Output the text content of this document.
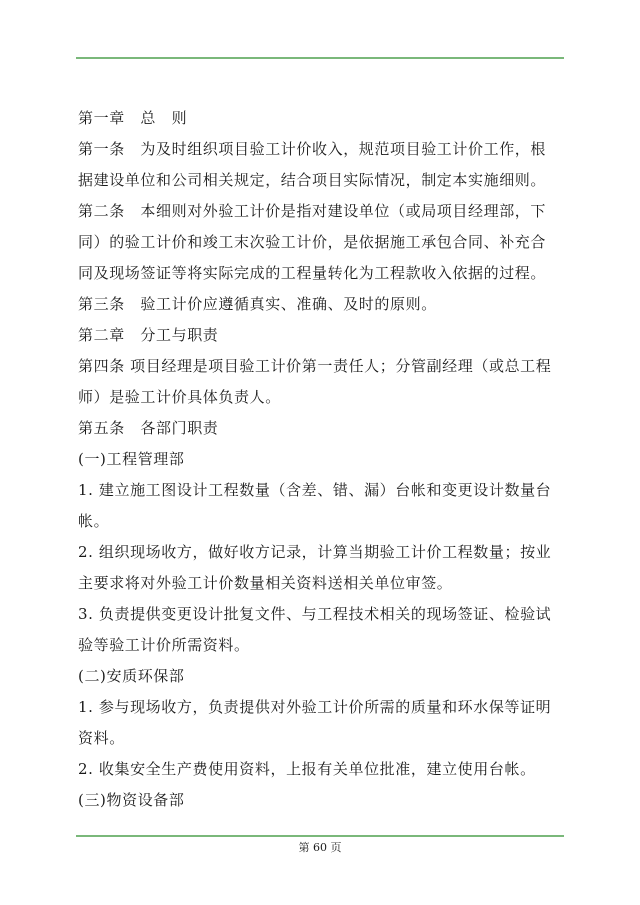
第一章　总　则

第一条　为及时组织项目验工计价收入，规范项目验工计价工作，根

据建设单位和公司相关规定，结合项目实际情况，制定本实施细则。

第二条　本细则对外验工计价是指对建设单位（或局项目经理部，下

同）的验工计价和竣工末次验工计价，是依据施工承包合同、补充合

同及现场签证等将实际完成的工程量转化为工程款收入依据的过程。

第三条　验工计价应遵循真实、准确、及时的原则。

第二章　分工与职责

第四条 项目经理是项目验工计价第一责任人；分管副经理（或总工程

师）是验工计价具体负责人。

第五条　各部门职责

(一)工程管理部

1. 建立施工图设计工程数量（含差、错、漏）台帐和变更设计数量台

帐。

2. 组织现场收方，做好收方记录，计算当期验工计价工程数量；按业

主要求将对外验工计价数量相关资料送相关单位审签。

3. 负责提供变更设计批复文件、与工程技术相关的现场签证、检验试

验等验工计价所需资料。

(二)安质环保部

1. 参与现场收方，负责提供对外验工计价所需的质量和环水保等证明

资料。

2. 收集安全生产费使用资料，上报有关单位批准，建立使用台帐。

(三)物资设备部

第 60 页
